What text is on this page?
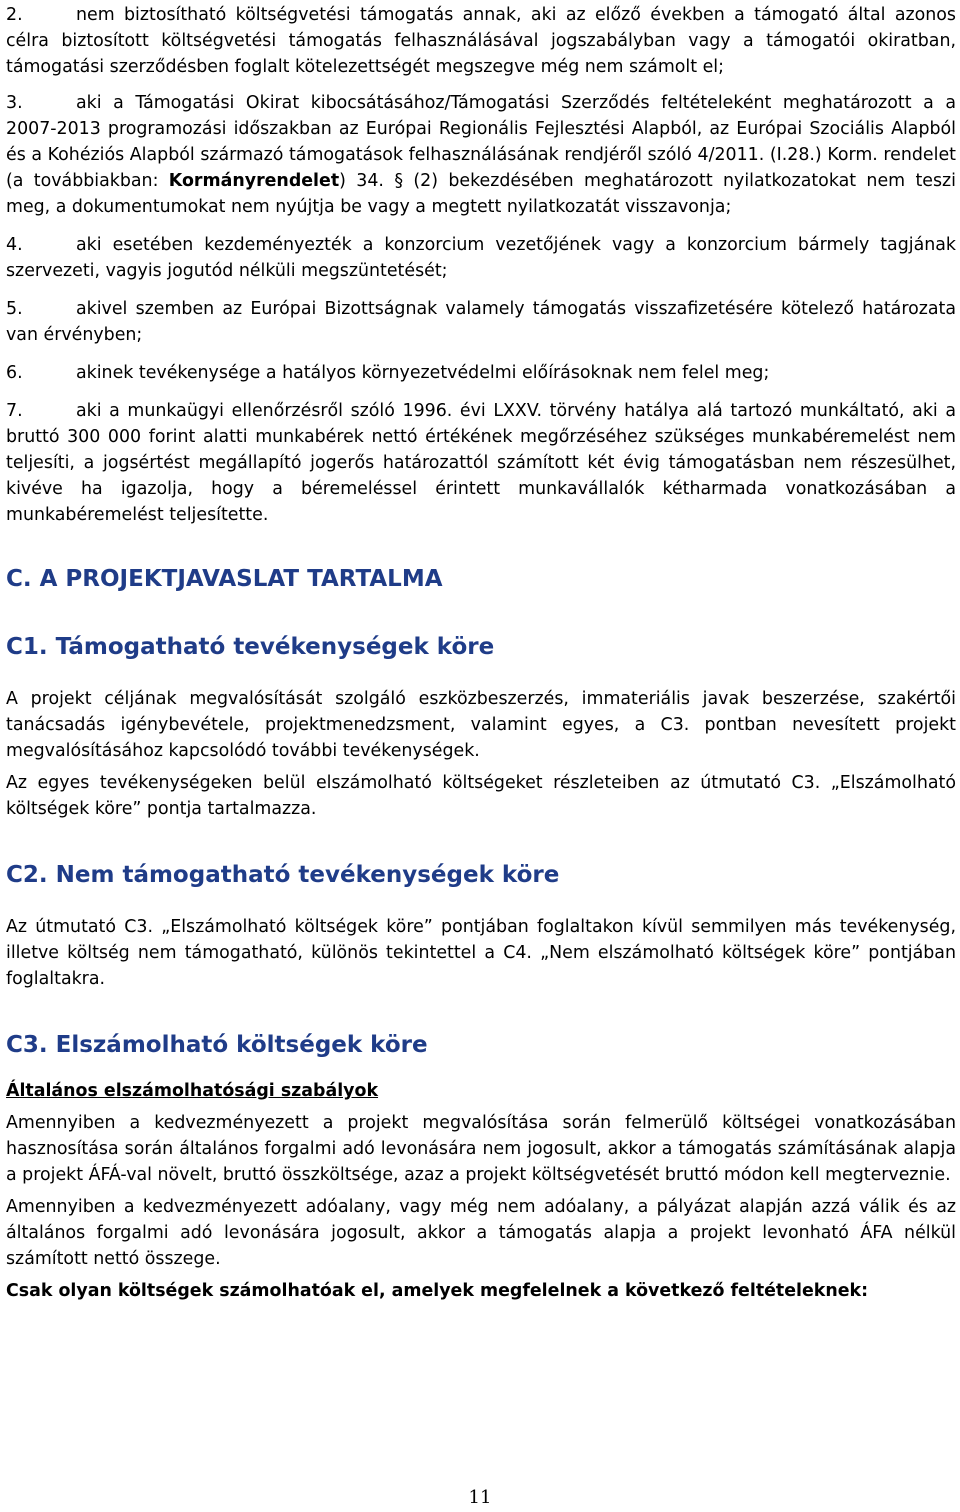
2.	nem biztosítható költségvetési támogatás annak, aki az előző években a támogató által azonos célra biztosított költségvetési támogatás felhasználásával jogszabályban vagy a támogatói okiratban, támogatási szerződésben foglalt kötelezettségét megszegve még nem számolt el;

3.	aki a Támogatási Okirat kibocsátásához/Támogatási Szerződés feltételeként meghatározott a a 2007-2013 programozási időszakban az Európai Regionális Fejlesztési Alapból, az Európai Szociális Alapból és a Kohéziós Alapból származó támogatások felhasználásának rendjéről szóló 4/2011. (I.28.) Korm. rendelet (a továbbiakban: Kormányrendelet) 34. § (2) bekezdésében meghatározott nyilatkozatokat nem teszi meg, a dokumentumokat nem nyújtja be vagy a megtett nyilatkozatát visszavonja;

4.	aki esetében kezdeményezték a konzorcium vezetőjének vagy a konzorcium bármely tagjának szervezeti, vagyis jogutód nélküli megszüntetését;

5.	akivel szemben az Európai Bizottságnak valamely támogatás visszafizetésére kötelező határozata van érvényben;

6.	akinek tevékenysége a hatályos környezetvédelmi előírásoknak nem felel meg;

7.	aki a munkaügyi ellenőrzésről szóló 1996. évi LXXV. törvény hatálya alá tartozó munkáltató, aki a bruttó 300 000 forint alatti munkabérek nettó értékének megőrzéséhez szükséges munkabéremelést nem teljesíti, a jogsértést megállapító jogerős határozattól számított két évig támogatásban nem részesülhet, kivéve ha igazolja, hogy a béremeléssel érintett munkavállalók kétharmada vonatkozásában a munkabéremelést teljesítette.

C. A PROJEKTJAVASLAT TARTALMA
C1. Támogatható tevékenységek köre

A projekt céljának megvalósítását szolgáló eszközbeszerzés, immateriális javak beszerzése, szakértői tanácsadás igénybevétele, projektmenedzsment, valamint egyes, a C3. pontban nevesített projekt megvalósításához kapcsolódó további tevékenységek.

Az egyes tevékenységeken belül elszámolható költségeket részleteiben az útmutató C3. „Elszámolható költségek köre” pontja tartalmazza.

C2. Nem támogatható tevékenységek köre

Az útmutató C3. „Elszámolható költségek köre” pontjában foglaltakon kívül semmilyen más tevékenység, illetve költség nem támogatható, különös tekintettel a C4. „Nem elszámolható költségek köre” pontjában foglaltakra.

C3. Elszámolható költségek köre

Általános elszámolhatósági szabályok

Amennyiben a kedvezményezett a projekt megvalósítása során felmerülő költségei vonatkozásában hasznosítása során általános forgalmi adó levonására nem jogosult, akkor a támogatás számításának alapja a projekt ÁFÁ-val növelt, bruttó összköltsége, azaz a projekt költségvetését bruttó módon kell megterveznie.

Amennyiben a kedvezményezett adóalany, vagy még nem adóalany, a pályázat alapján azzá válik és az általános forgalmi adó levonására jogosult, akkor a támogatás alapja a projekt levonható ÁFA nélkül számított nettó összege.

Csak olyan költségek számolhatóak el, amelyek megfelelnek a következő feltételeknek:

11
